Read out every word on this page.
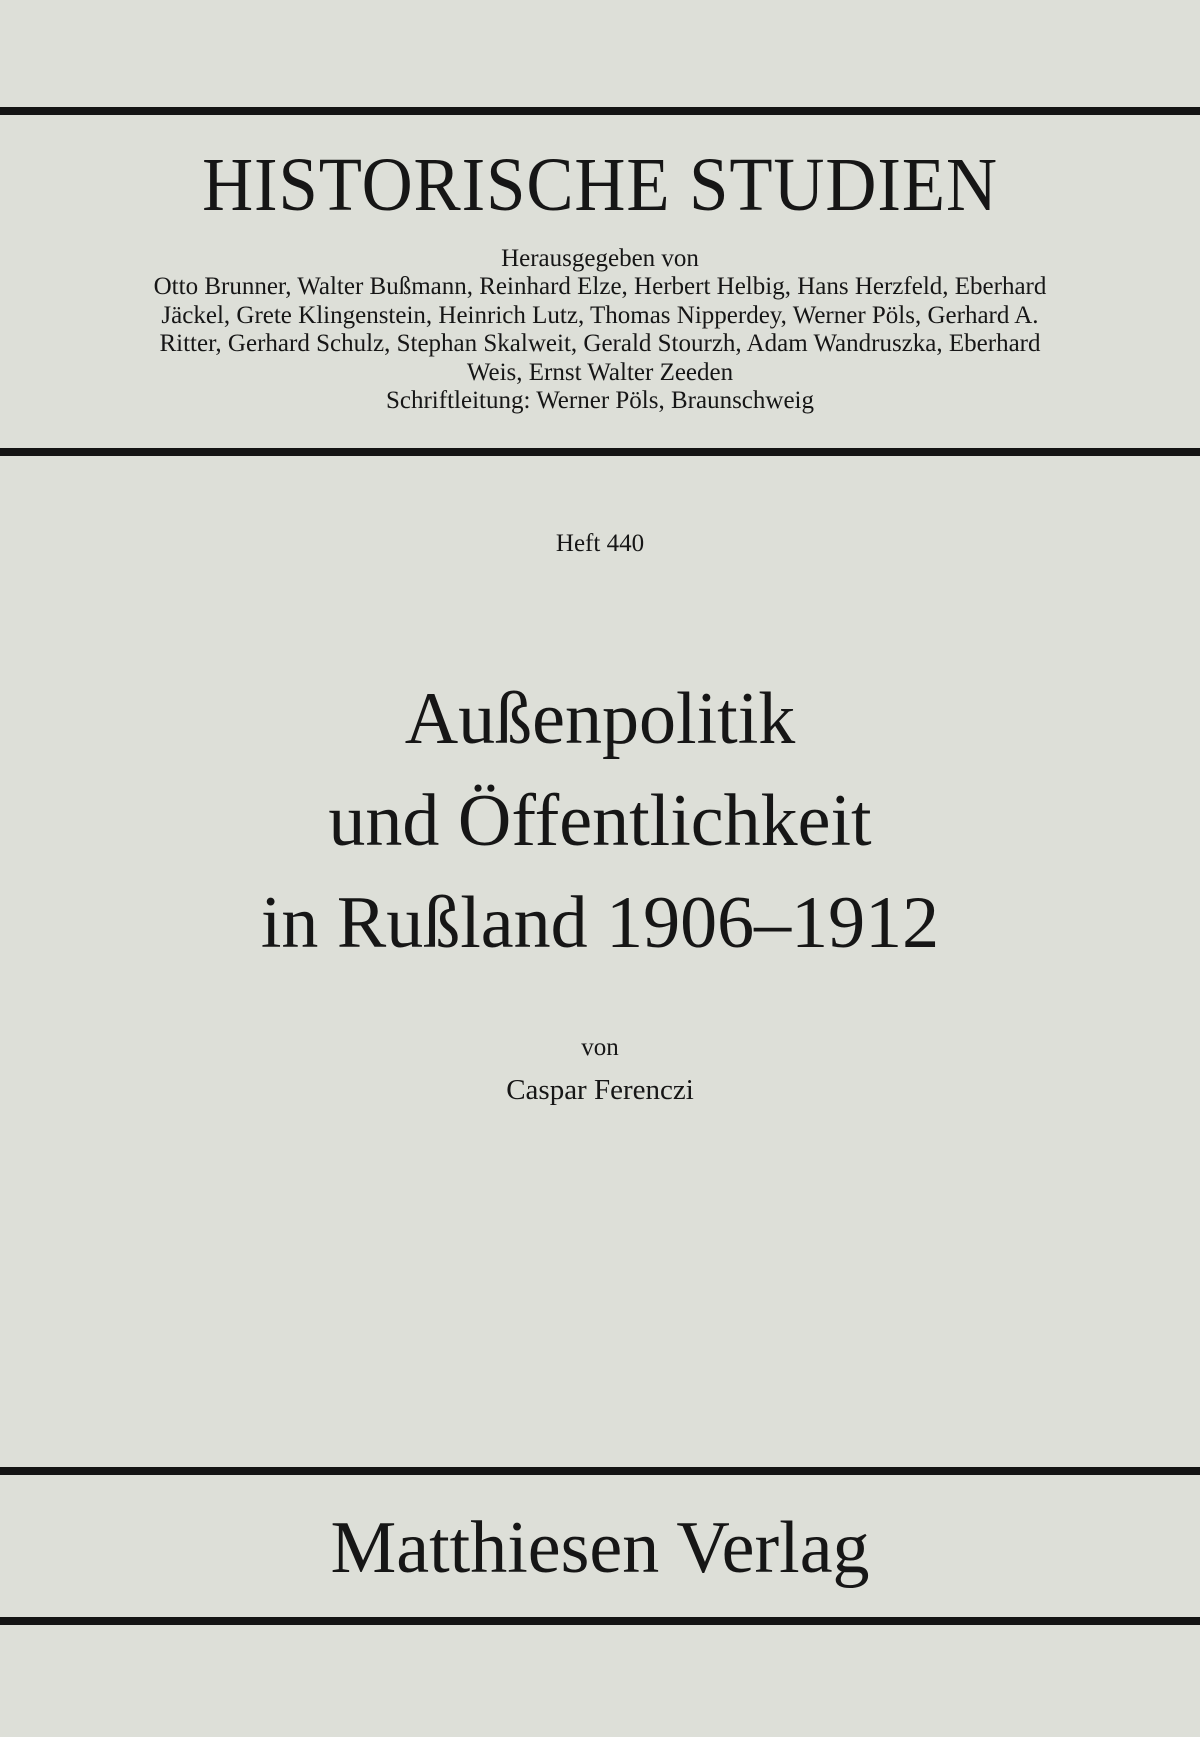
HISTORISCHE STUDIEN
Herausgegeben von
Otto Brunner, Walter Bußmann, Reinhard Elze, Herbert Helbig, Hans Herzfeld, Eberhard
Jäckel, Grete Klingenstein, Heinrich Lutz, Thomas Nipperdey, Werner Pöls, Gerhard A.
Ritter, Gerhard Schulz, Stephan Skalweit, Gerald Stourzh, Adam Wandruszka, Eberhard
Weis, Ernst Walter Zeeden
Schriftleitung: Werner Pöls, Braunschweig
Heft 440
Außenpolitik
und Öffentlichkeit
in Rußland 1906–1912
von
Caspar Ferenczi
Matthiesen Verlag
